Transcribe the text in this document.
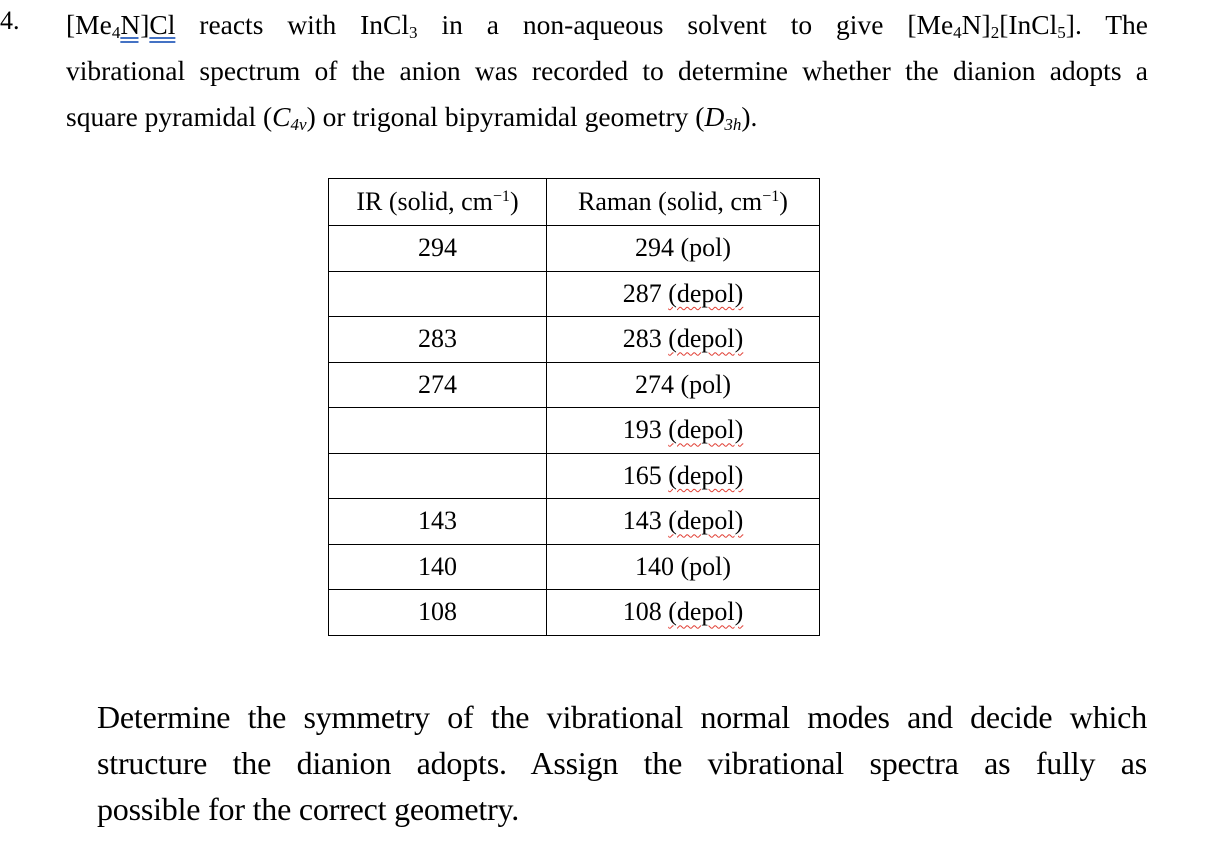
4. $[Me_4N]Cl$ reacts with InCl$_3$ in a non-aqueous solvent to give $[Me_4N]_2[InCl_5]$. The
vibrational spectrum of the anion was recorded to determine whether the dianion adopts a
square pyramidal $(C_{4v})$ or trigonal bipyramidal geometry $(D_{3h})$.
IR (solid, $cm^{-1}$)	Raman (solid, $cm^{-1}$)
294	294 (pol)
	287 (depol)
283	283 (depol)
274	274 (pol)
	193 (depol)
	165 (depol)
143	143 (depol)
140	140 (pol)
108	108 (depol)
Determine the symmetry of the vibrational normal modes and decide which
structure the dianion adopts. Assign the vibrational spectra as fully as
possible for the correct geometry.
